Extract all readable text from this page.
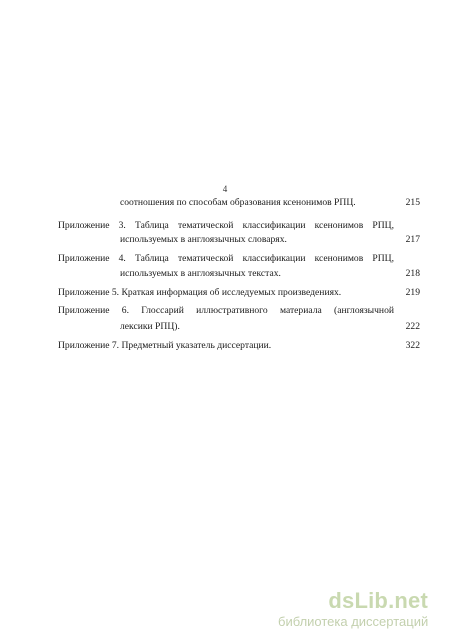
4
соотношения по способам образования ксенонимов РПЦ.	215
Приложение 3. Таблица тематической классификации ксенонимов РПЦ,
используемых в англоязычных словарях.	217
Приложение 4. Таблица тематической классификации ксенонимов РПЦ,
используемых в англоязычных текстах.	218
Приложение 5. Краткая информация об исследуемых произведениях.	219
Приложение 6. Глоссарий иллюстративного материала (англоязычной
лексики РПЦ).	222
Приложение 7. Предметный указатель диссертации.	322
dsLib.net
библиотека диссертаций
